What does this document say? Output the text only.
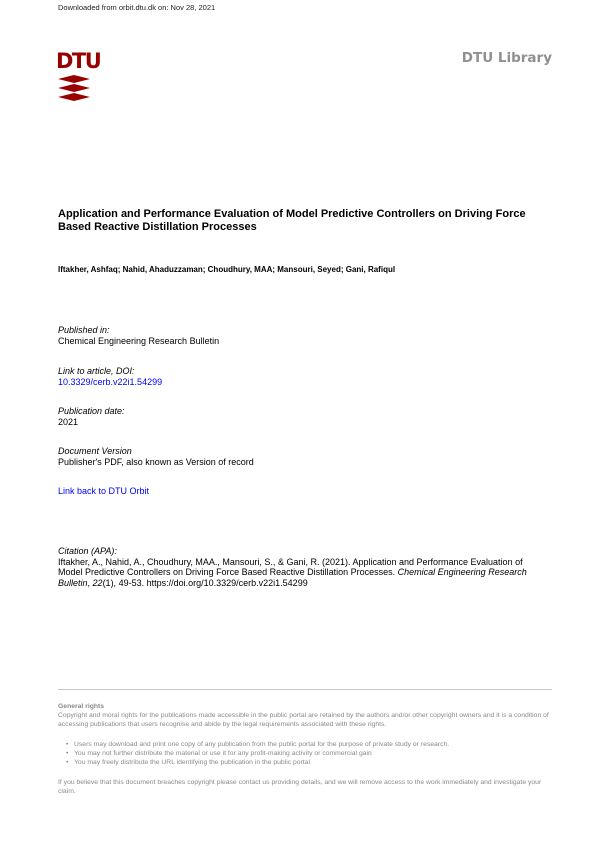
Downloaded from orbit.dtu.dk on: Nov 28, 2021
DTU	DTU Library
Application and Performance Evaluation of Model Predictive Controllers on Driving Force Based Reactive Distillation Processes
Iftakher, Ashfaq; Nahid, Ahaduzzaman; Choudhury, MAA; Mansouri, Seyed; Gani, Rafiqul
Published in:
Chemical Engineering Research Bulletin
Link to article, DOI:
10.3329/cerb.v22i1.54299
Publication date:
2021
Document Version
Publisher's PDF, also known as Version of record
Link back to DTU Orbit
Citation (APA):
Iftakher, A., Nahid, A., Choudhury, MAA., Mansouri, S., & Gani, R. (2021). Application and Performance Evaluation of Model Predictive Controllers on Driving Force Based Reactive Distillation Processes. Chemical Engineering Research Bulletin, 22(1), 49-53. https://doi.org/10.3329/cerb.v22i1.54299
General rights
Copyright and moral rights for the publications made accessible in the public portal are retained by the authors and/or other copyright owners and it is a condition of accessing publications that users recognise and abide by the legal requirements associated with these rights.
• Users may download and print one copy of any publication from the public portal for the purpose of private study or research.
• You may not further distribute the material or use it for any profit-making activity or commercial gain
• You may freely distribute the URL identifying the publication in the public portal
If you believe that this document breaches copyright please contact us providing details, and we will remove access to the work immediately and investigate your claim.
